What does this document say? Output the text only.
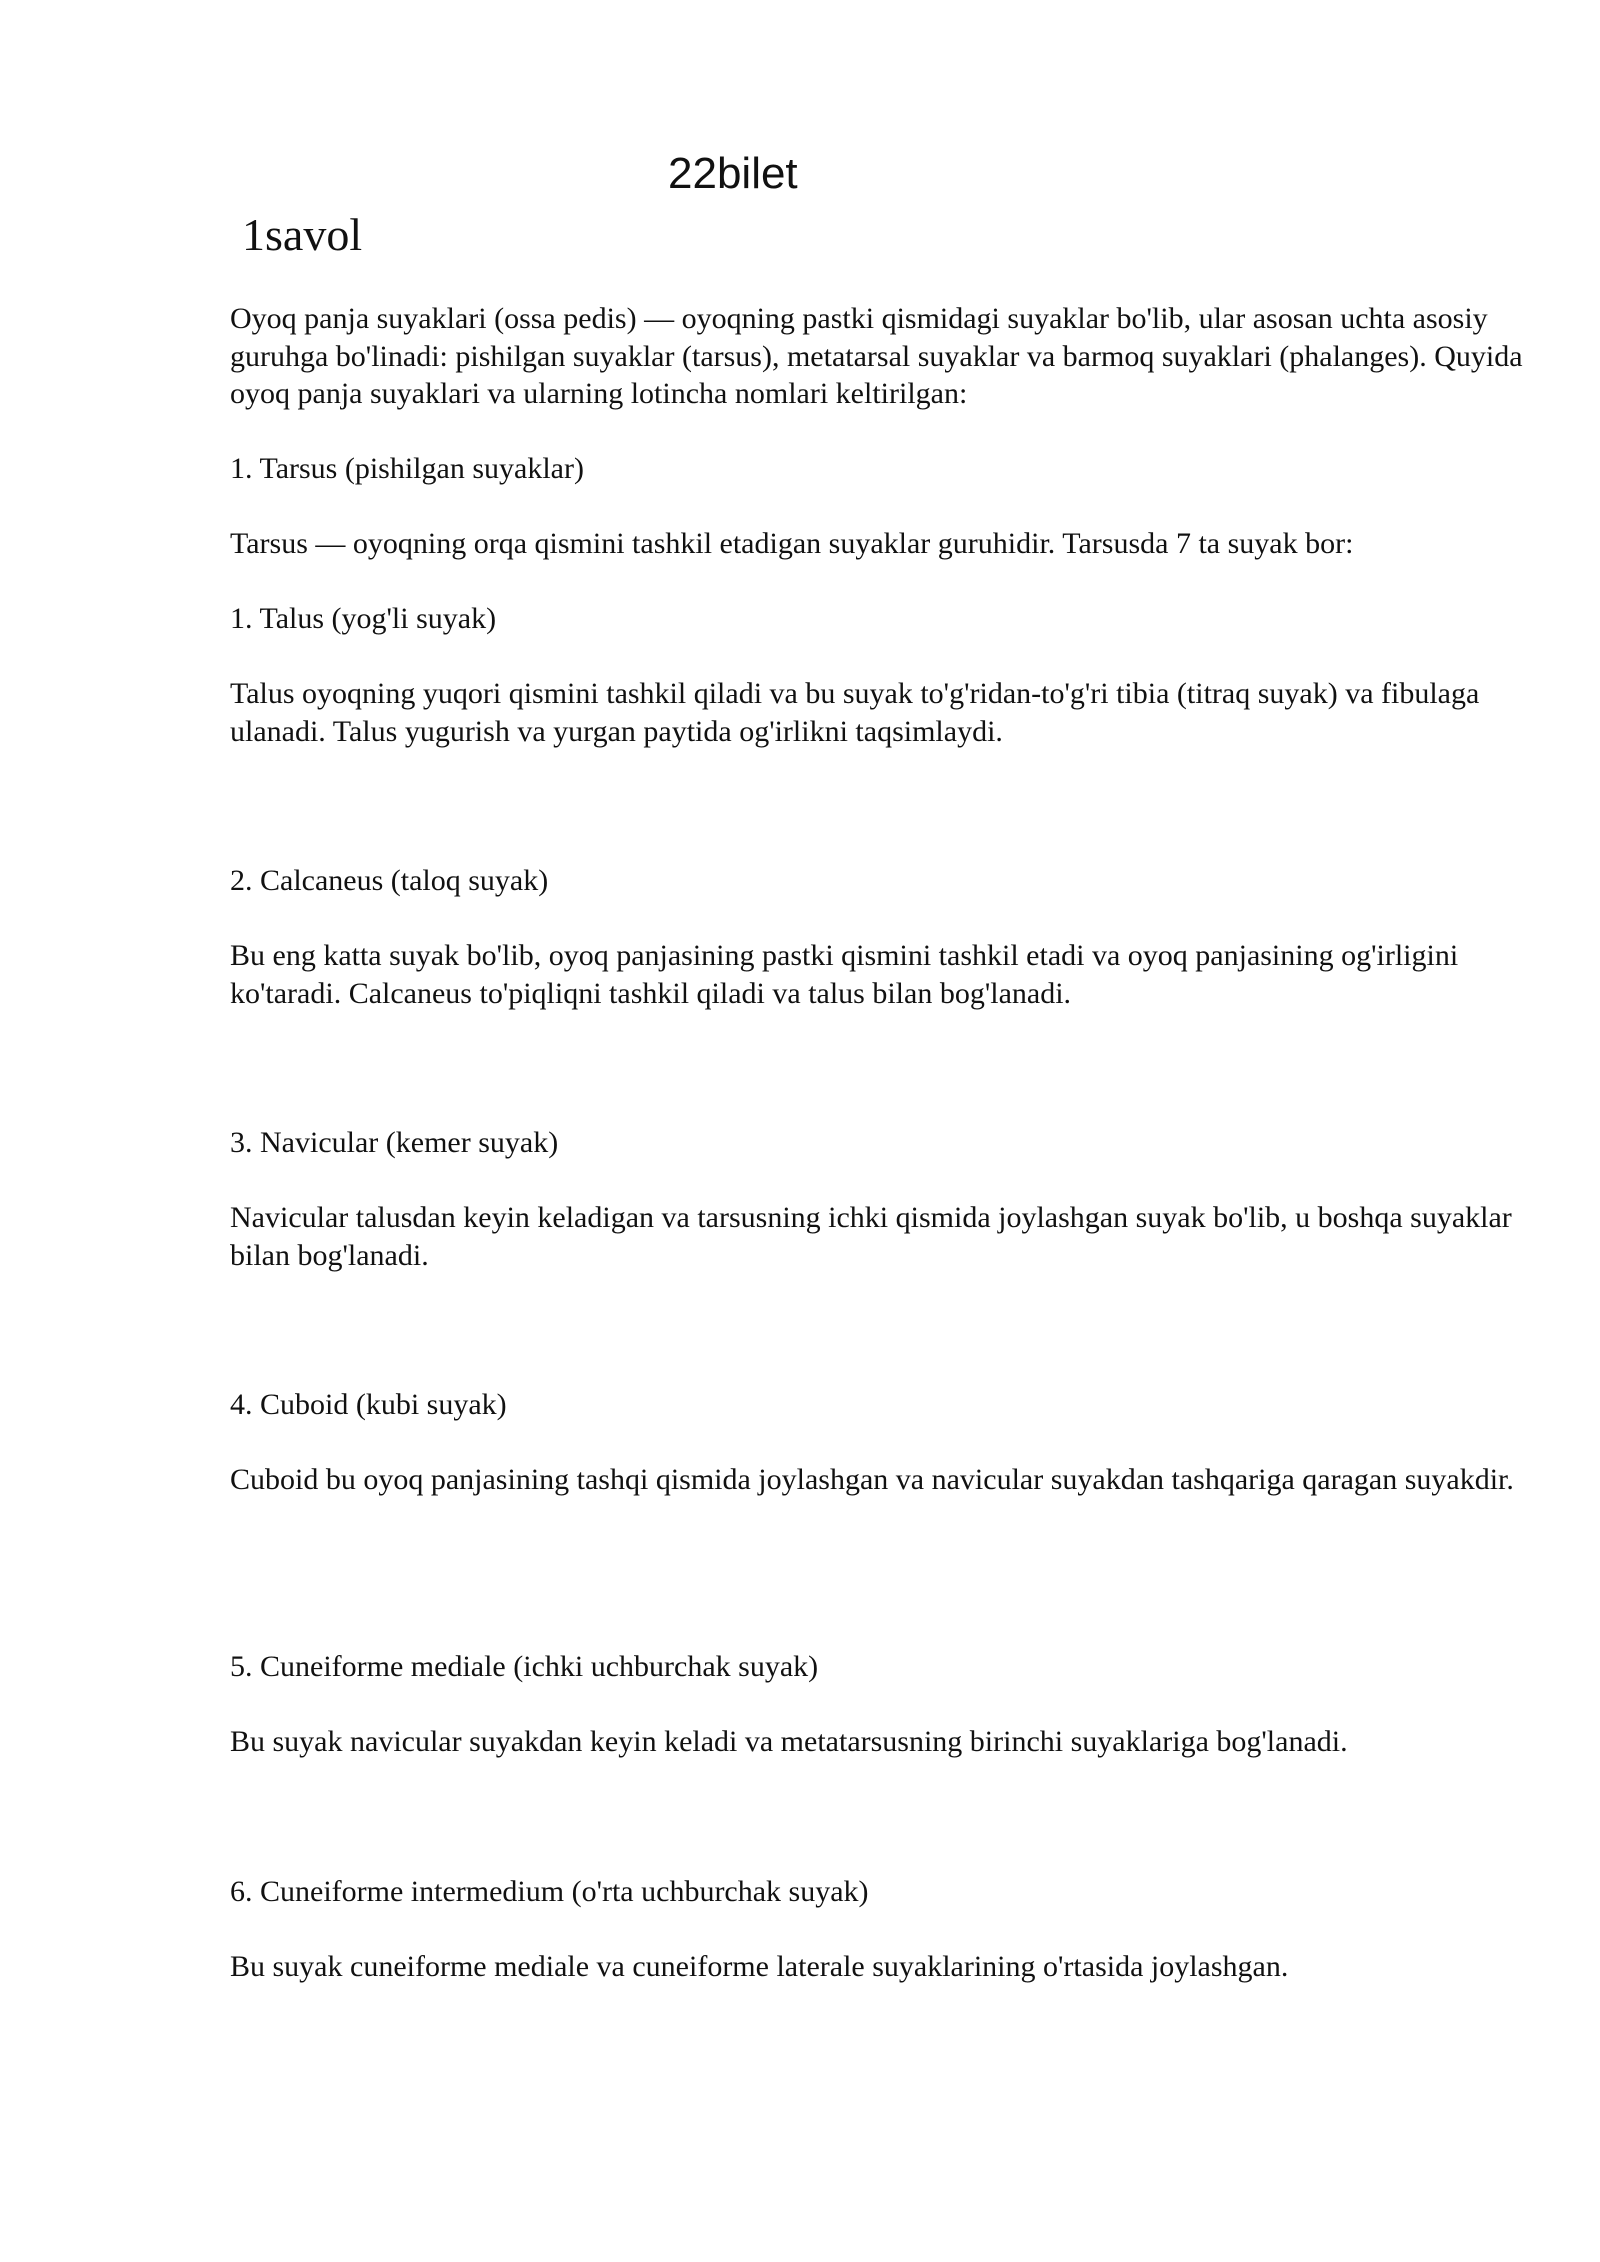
22bilet
1savol

Oyoq panja suyaklari (ossa pedis) — oyoqning pastki qismidagi suyaklar bo'lib, ular asosan uchta asosiy guruhga bo'linadi: pishilgan suyaklar (tarsus), metatarsal suyaklar va barmoq suyaklari (phalanges). Quyida oyoq panja suyaklari va ularning lotincha nomlari keltirilgan:

1. Tarsus (pishilgan suyaklar)

Tarsus — oyoqning orqa qismini tashkil etadigan suyaklar guruhidir. Tarsusda 7 ta suyak bor:

1. Talus (yog'li suyak)

Talus oyoqning yuqori qismini tashkil qiladi va bu suyak to'g'ridan-to'g'ri tibia (titraq suyak) va fibulaga ulanadi. Talus yugurish va yurgan paytida og'irlikni taqsimlaydi.

2. Calcaneus (taloq suyak)

Bu eng katta suyak bo'lib, oyoq panjasining pastki qismini tashkil etadi va oyoq panjasining og'irligini ko'taradi. Calcaneus to'piqliqni tashkil qiladi va talus bilan bog'lanadi.

3. Navicular (kemer suyak)

Navicular talusdan keyin keladigan va tarsusning ichki qismida joylashgan suyak bo'lib, u boshqa suyaklar bilan bog'lanadi.

4. Cuboid (kubi suyak)

Cuboid bu oyoq panjasining tashqi qismida joylashgan va navicular suyakdan tashqariga qaragan suyakdir.

5. Cuneiforme mediale (ichki uchburchak suyak)

Bu suyak navicular suyakdan keyin keladi va metatarsusning birinchi suyaklariga bog'lanadi.

6. Cuneiforme intermedium (o'rta uchburchak suyak)

Bu suyak cuneiforme mediale va cuneiforme laterale suyaklarining o'rtasida joylashgan.
